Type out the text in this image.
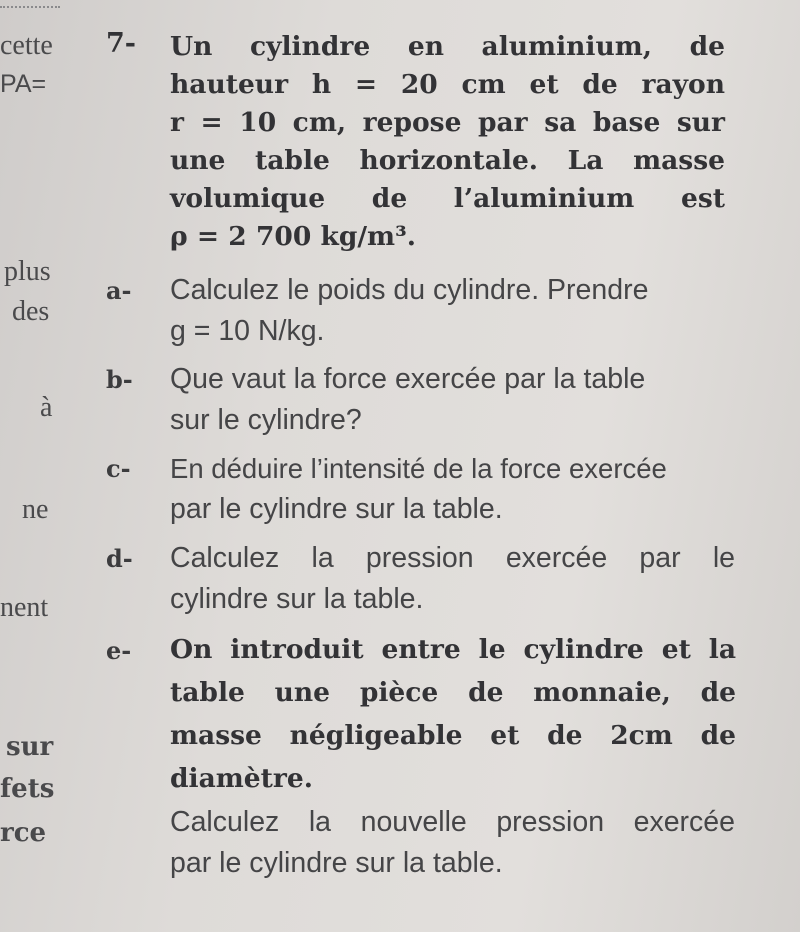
cette
PA=
plus
des
à
ne
nent
sur
fets
rce
7- Un cylindre en aluminium, de
hauteur h = 20 cm et de rayon
r = 10 cm, repose par sa base sur
une table horizontale. La masse
volumique de l’aluminium est
ρ = 2 700 kg/m³.
a- Calculez le poids du cylindre. Prendre
g = 10 N/kg.
b- Que vaut la force exercée par la table
sur le cylindre?
c- En déduire l’intensité de la force exercée
par le cylindre sur la table.
d- Calculez la pression exercée par le
cylindre sur la table.
e- On introduit entre le cylindre et la
table une pièce de monnaie, de
masse négligeable et de 2cm de
diamètre.
Calculez la nouvelle pression exercée
par le cylindre sur la table.
